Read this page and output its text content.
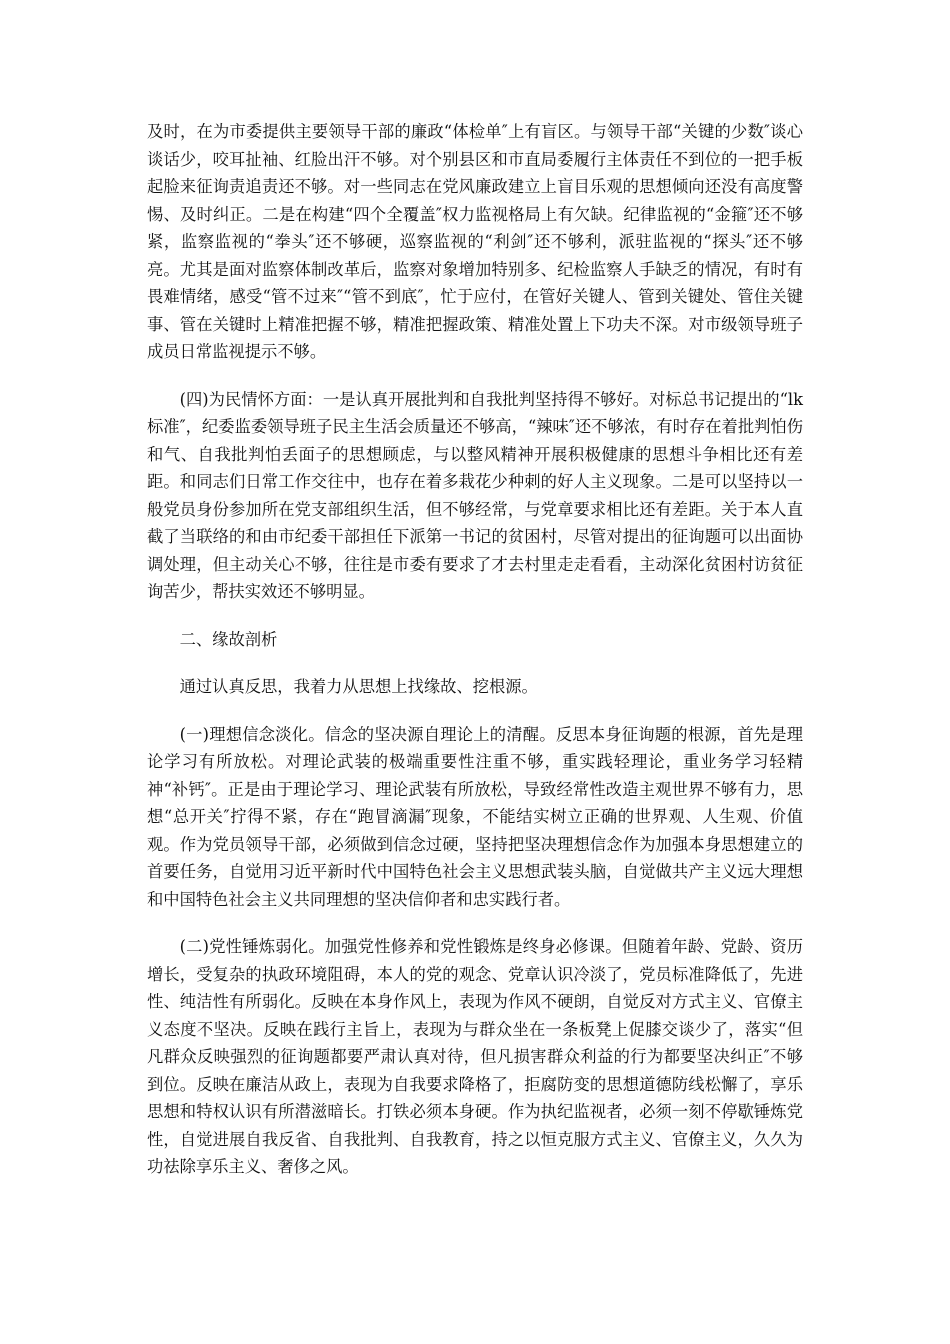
及时，在为市委提供主要领导干部的廉政“体检单″上有盲区。与领导干部“关键的少数″谈心谈话少，咬耳扯袖、红脸出汗不够。对个别县区和市直局委履行主体责任不到位的一把手板起脸来征询责追责还不够。对一些同志在党风廉政建立上盲目乐观的思想倾向还没有高度警惕、及时纠正。二是在构建“四个全覆盖″权力监视格局上有欠缺。纪律监视的“金箍″还不够紧，监察监视的“拳头″还不够硬，巡察监视的“利剑″还不够利，派驻监视的“探头″还不够亮。尤其是面对监察体制改革后，监察对象增加特别多、纪检监察人手缺乏的情况，有时有畏难情绪，感受“管不过来″“管不到底″，忙于应付，在管好关键人、管到关键处、管住关键事、管在关键时上精准把握不够，精准把握政策、精准处置上下功夫不深。对市级领导班子成员日常监视提示不够。

(四)为民情怀方面：一是认真开展批判和自我批判坚持得不够好。对标总书记提出的“lk标准″，纪委监委领导班子民主生活会质量还不够高，“辣味″还不够浓，有时存在着批判怕伤和气、自我批判怕丢面子的思想顾虑，与以整风精神开展积极健康的思想斗争相比还有差距。和同志们日常工作交往中，也存在着多栽花少种刺的好人主义现象。二是可以坚持以一般党员身份参加所在党支部组织生活，但不够经常，与党章要求相比还有差距。关于本人直截了当联络的和由市纪委干部担任下派第一书记的贫困村，尽管对提出的征询题可以出面协调处理，但主动关心不够，往往是市委有要求了才去村里走走看看，主动深化贫困村访贫征询苦少，帮扶实效还不够明显。

二、缘故剖析

通过认真反思，我着力从思想上找缘故、挖根源。

(一)理想信念淡化。信念的坚决源自理论上的清醒。反思本身征询题的根源，首先是理论学习有所放松。对理论武装的极端重要性注重不够，重实践轻理论，重业务学习轻精神“补钙″。正是由于理论学习、理论武装有所放松，导致经常性改造主观世界不够有力，思想“总开关″拧得不紧，存在“跑冒滴漏″现象，不能结实树立正确的世界观、人生观、价值观。作为党员领导干部，必须做到信念过硬，坚持把坚决理想信念作为加强本身思想建立的首要任务，自觉用习近平新时代中国特色社会主义思想武装头脑，自觉做共产主义远大理想和中国特色社会主义共同理想的坚决信仰者和忠实践行者。

(二)党性锤炼弱化。加强党性修养和党性锻炼是终身必修课。但随着年龄、党龄、资历增长，受复杂的执政环境阻碍，本人的党的观念、党章认识冷淡了，党员标准降低了，先进性、纯洁性有所弱化。反映在本身作风上，表现为作风不硬朗，自觉反对方式主义、官僚主义态度不坚决。反映在践行主旨上，表现为与群众坐在一条板凳上促膝交谈少了，落实“但凡群众反映强烈的征询题都要严肃认真对待，但凡损害群众利益的行为都要坚决纠正″不够到位。反映在廉洁从政上，表现为自我要求降格了，拒腐防变的思想道德防线松懈了，享乐思想和特权认识有所潜滋暗长。打铁必须本身硬。作为执纪监视者，必须一刻不停歇锤炼党性，自觉进展自我反省、自我批判、自我教育，持之以恒克服方式主义、官僚主义，久久为功祛除享乐主义、奢侈之风。
